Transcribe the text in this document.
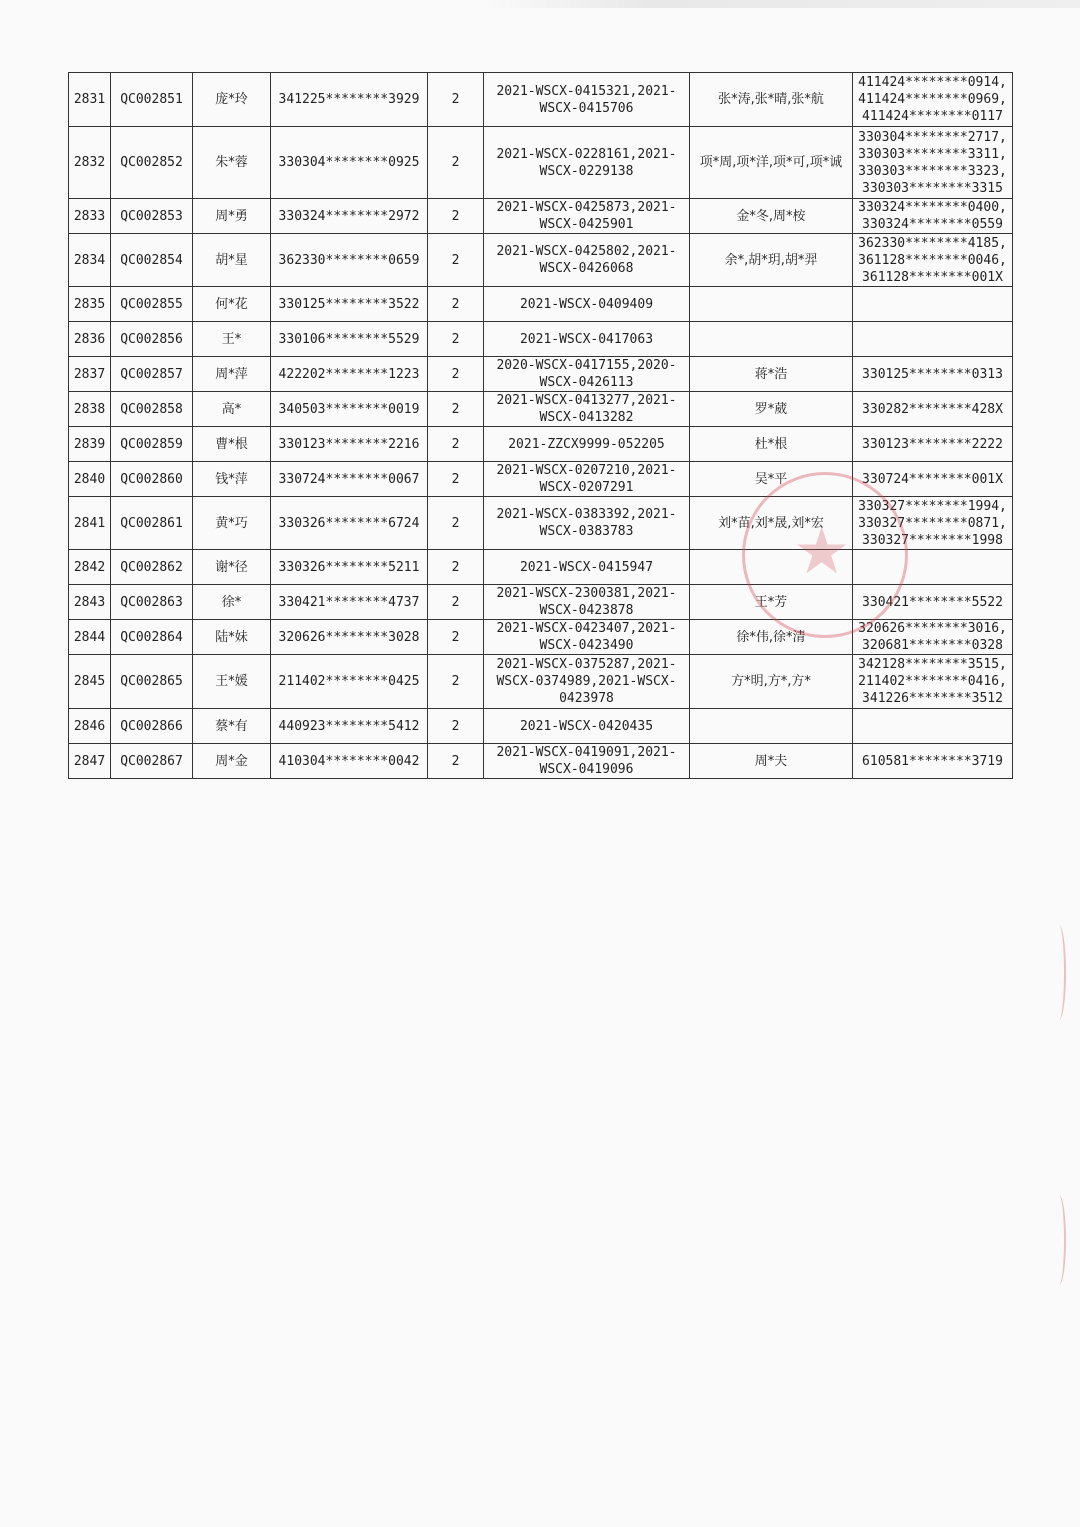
2831	QC002851	庞*玲	341225********3929	2	2021-WSCX-0415321,2021-
WSCX-0415706	张*涛,张*晴,张*航	411424********0914,
411424********0969,
411424********0117

2832	QC002852	朱*蓉	330304********0925	2	2021-WSCX-0228161,2021-
WSCX-0229138	项*周,项*洋,项*可,项*诚	330304********2717,
330303********3311,
330303********3323,
330303********3315

2833	QC002853	周*勇	330324********2972	2	2021-WSCX-0425873,2021-
WSCX-0425901	金*冬,周*桉	330324********0400,
330324********0559

2834	QC002854	胡*星	362330********0659	2	2021-WSCX-0425802,2021-
WSCX-0426068	余*,胡*玥,胡*羿	362330********4185,
361128********0046,
361128********001X

2835	QC002855	何*花	330125********3522	2	2021-WSCX-0409409		

2836	QC002856	王*	330106********5529	2	2021-WSCX-0417063		

2837	QC002857	周*萍	422202********1223	2	2020-WSCX-0417155,2020-
WSCX-0426113	蒋*浩	330125********0313

2838	QC002858	高*	340503********0019	2	2021-WSCX-0413277,2021-
WSCX-0413282	罗*葳	330282********428X

2839	QC002859	曹*根	330123********2216	2	2021-ZZCX9999-052205	杜*根	330123********2222

2840	QC002860	钱*萍	330724********0067	2	2021-WSCX-0207210,2021-
WSCX-0207291	吴*平	330724********001X

2841	QC002861	黄*巧	330326********6724	2	2021-WSCX-0383392,2021-
WSCX-0383783	刘*苗,刘*晟,刘*宏	330327********1994,
330327********0871,
330327********1998

2842	QC002862	谢*径	330326********5211	2	2021-WSCX-0415947		

2843	QC002863	徐*	330421********4737	2	2021-WSCX-2300381,2021-
WSCX-0423878	王*芳	330421********5522

2844	QC002864	陆*妹	320626********3028	2	2021-WSCX-0423407,2021-
WSCX-0423490	徐*伟,徐*清	320626********3016,
320681********0328

2845	QC002865	王*媛	211402********0425	2	2021-WSCX-0375287,2021-
WSCX-0374989,2021-WSCX-
0423978	方*明,方*,方*	342128********3515,
211402********0416,
341226********3512

2846	QC002866	蔡*有	440923********5412	2	2021-WSCX-0420435		

2847	QC002867	周*金	410304********0042	2	2021-WSCX-0419091,2021-
WSCX-0419096	周*夫	610581********3719
★
